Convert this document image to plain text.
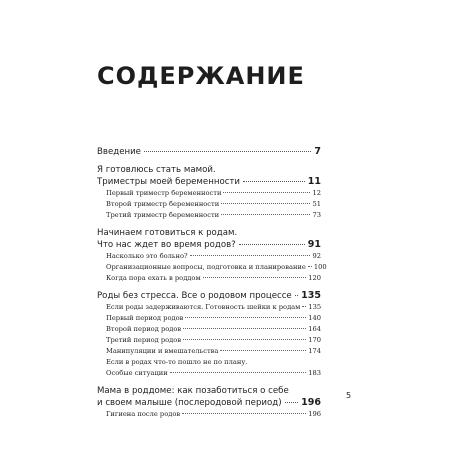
СОДЕРЖАНИЕ
Введение	7
Я готовлюсь стать мамой.
Триместры моей беременности	11
Первый триместр беременности	12
Второй триместр беременности	51
Третий триместр беременности	73
Начинаем готовиться к родам.
Что нас ждет во время родов?	91
Насколько это больно?	92
Организационные вопросы, подготовка и планирование 100
Когда пора ехать в роддом	120
Роды без стресса. Все о родовом процессе 135
Если роды задерживаются. Готовность шейки к родам 135
Первый период родов	140
Второй период родов	164
Третий период родов	170
Манипуляции и вмешательства	174
Если в родах что-то пошло не по плану.
Особые ситуации	183
Мама в роддоме: как позаботиться о себе
и своем малыше (послеродовой период) 196
Гигиена после родов	196
5
